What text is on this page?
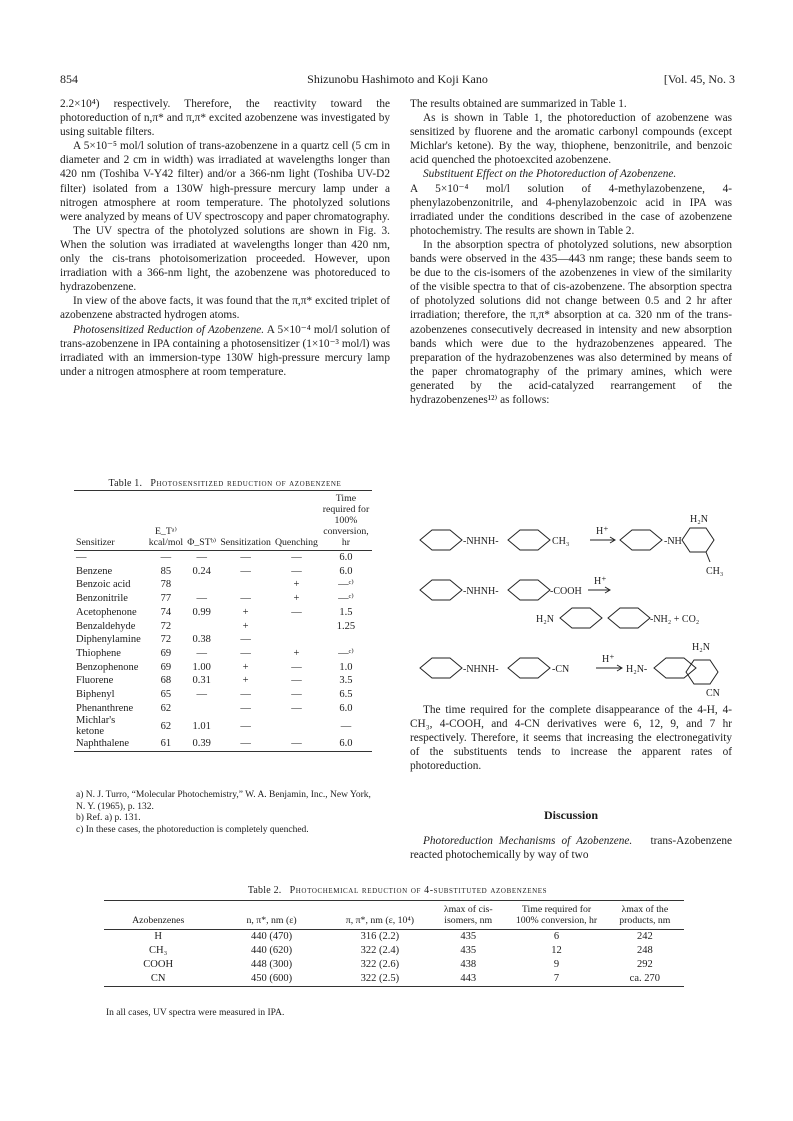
854	Shizunobu Hashimoto and Koji Kano	[Vol. 45, No. 3

2.2×10⁴) respectively. Therefore, the reactivity toward the photoreduction of n,π* and π,π* excited azobenzene was investigated by using suitable filters.

A 5×10⁻⁵ mol/l solution of trans-azobenzene in a quartz cell (5 cm in diameter and 2 cm in width) was irradiated at wavelengths longer than 420 nm (Toshiba V-Y42 filter) and/or a 366-nm light (Toshiba UV-D2 filter) isolated from a 130W high-pressure mercury lamp under a nitrogen atmosphere at room temperature. The photolyzed solutions were analyzed by means of UV spectroscopy and paper chromatography.

The UV spectra of the photolyzed solutions are shown in Fig. 3. When the solution was irradiated at wavelengths longer than 420 nm, only the cis-trans photoisomerization proceeded. However, upon irradiation with a 366-nm light, the azobenzene was photoreduced to hydrazobenzene.

In view of the above facts, it was found that the π,π* excited triplet of azobenzene abstracted hydrogen atoms.

Photosensitized Reduction of Azobenzene. A 5×10⁻⁴ mol/l solution of trans-azobenzene in IPA containing a photosensitizer (1×10⁻³ mol/l) was irradiated with an immersion-type 130W high-pressure mercury lamp under a nitrogen atmosphere at room temperature.

Table 1. Photosensitized reduction of azobenzene
Sensitizer	E_Tᵃ⁾ kcal/mol	Φ_STᵇ⁾	Sensitization	Quenching	Time required for 100% conversion, hr
—	—	—	—	—	6.0
Benzene	85	0.24	—	—	6.0
Benzoic acid	78			+	—ᶜ⁾
Benzonitrile	77	—	—	+	—ᶜ⁾
Acetophenone	74	0.99	+	—	1.5
Benzaldehyde	72		+		1.25
Diphenylamine	72	0.38	—		
Thiophene	69	—	—	+	—ᶜ⁾
Benzophenone	69	1.00	+	—	1.0
Fluorene	68	0.31	+	—	3.5
Biphenyl	65	—	—	—	6.5
Phenanthrene	62		—	—	6.0
Michlar's ketone	62	1.01	—		—
Naphthalene	61	0.39	—	—	6.0
a) N. J. Turro, “Molecular Photochemistry,” W. A. Benjamin, Inc., New York, N. Y. (1965), p. 132.
b) Ref. a) p. 131.
c) In these cases, the photoreduction is completely quenched.

The results obtained are summarized in Table 1.

As is shown in Table 1, the photoreduction of azobenzene was sensitized by fluorene and the aromatic carbonyl compounds (except Michlar's ketone). By the way, thiophene, benzonitrile, and benzoic acid quenched the photoexcited azobenzene.

Substituent Effect on the Photoreduction of Azobenzene.

A 5×10⁻⁴ mol/l solution of 4-methylazobenzene, 4-phenylazobenzonitrile, and 4-phenylazobenzoic acid in IPA was irradiated under the conditions described in the case of azobenzene photochemistry. The results are shown in Table 2.

In the absorption spectra of photolyzed solutions, new absorption bands were observed in the 435—443 nm range; these bands seem to be due to the cis-isomers of the azobenzenes in view of the similarity of the visible spectra to that of cis-azobenzene. The absorption spectra of photolyzed solutions did not change between 0.5 and 2 hr after irradiation; therefore, the π,π* absorption at ca. 320 nm of the trans-azobenzenes consecutively decreased in intensity and new absorption bands which were due to the hydrazobenzenes appeared. The preparation of the hydrazobenzenes was also determined by means of the paper chromatography of the primary amines, which were generated by the acid-catalyzed rearrangement of the hydrazobenzenes¹²⁾ as follows:

-NHNH-	CH₃
H⁺
-NH
H₂N
CH₃
-NHNH-	-COOH
H⁺
H₂N	-NH₂ + CO₂
-NHNH-	-CN
H⁺
H₂N-
H₂N
CN

The time required for the complete disappearance of the 4-H, 4-CH₃, 4-COOH, and 4-CN derivatives were 6, 12, 9, and 7 hr respectively. Therefore, it seems that increasing the electronegativity of the substituents tends to increase the apparent rates of photoreduction.

Discussion

Photoreduction Mechanisms of Azobenzene. trans-Azobenzene reacted photochemically by way of two

Table 2. Photochemical reduction of 4-substituted azobenzenes
Azobenzenes	n, π*, nm (ε)	π, π*, nm (ε, 10⁴)	λmax of cis-isomers, nm	Time required for 100% conversion, hr	λmax of the products, nm
H	440 (470)	316 (2.2)	435	6	242
CH₃	440 (620)	322 (2.4)	435	12	248
COOH	448 (300)	322 (2.6)	438	9	292
CN	450 (600)	322 (2.5)	443	7	ca. 270
In all cases, UV spectra were measured in IPA.
